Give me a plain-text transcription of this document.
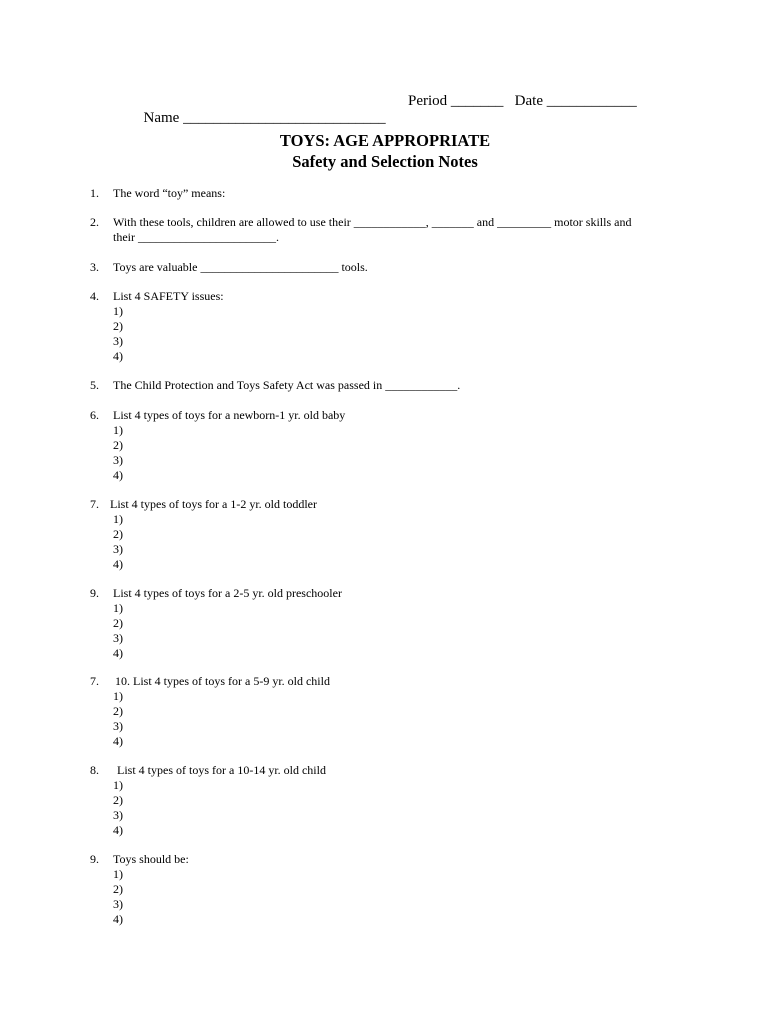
Name ___________________________

Period _______   Date ____________

TOYS: AGE APPROPRIATE
Safety and Selection Notes

1.

The word “toy” means:

2.

With these tools, children are allowed to use their ____________, _______ and _________ motor skills and

their _______________________.

3.

Toys are valuable _______________________ tools.

4.

List 4 SAFETY issues:

1)

2)

3)

4)

5.

The Child Protection and Toys Safety Act was passed in ____________.

6.

List 4 types of toys for a newborn-1 yr. old baby

1)

2)

3)

4)

7.

List 4 types of toys for a 1-2 yr. old toddler

1)

2)

3)

4)

9.

List 4 types of toys for a 2-5 yr. old preschooler

1)

2)

3)

4)

7.

10. List 4 types of toys for a 5-9 yr. old child

1)

2)

3)

4)

8.

List 4 types of toys for a 10-14 yr. old child

1)

2)

3)

4)

9.

Toys should be:

1)

2)

3)

4)
